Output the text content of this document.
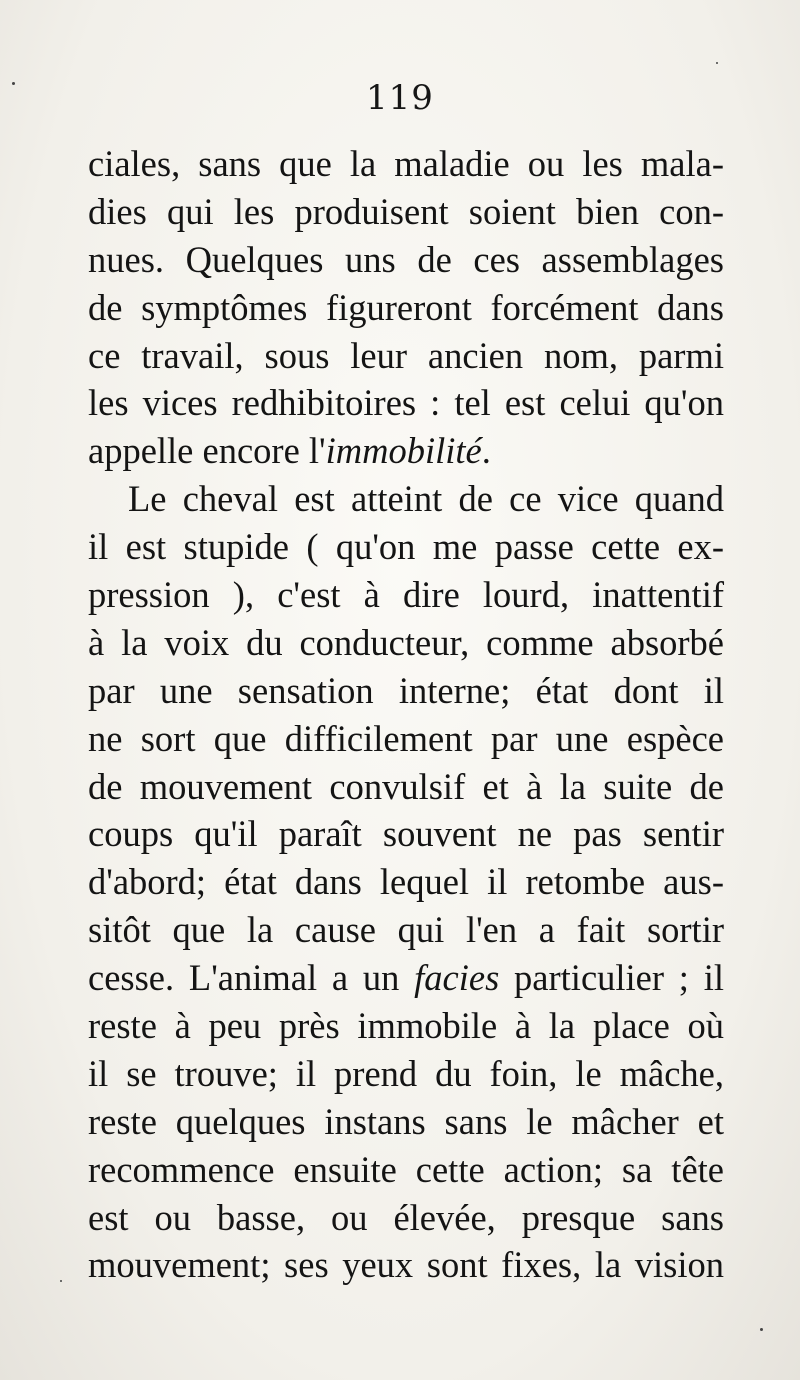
119
ciales, sans que la maladie ou les mala-
dies qui les produisent soient bien con-
nues. Quelques uns de ces assemblages
de symptômes figureront forcément dans
ce travail, sous leur ancien nom, parmi
les vices redhibitoires : tel est celui qu'on
appelle encore l'immobilité.
Le cheval est atteint de ce vice quand
il est stupide ( qu'on me passe cette ex-
pression ), c'est à dire lourd, inattentif
à la voix du conducteur, comme absorbé
par une sensation interne; état dont il
ne sort que difficilement par une espèce
de mouvement convulsif et à la suite de
coups qu'il paraît souvent ne pas sentir
d'abord; état dans lequel il retombe aus-
sitôt que la cause qui l'en a fait sortir
cesse. L'animal a un facies particulier ; il
reste à peu près immobile à la place où
il se trouve; il prend du foin, le mâche,
reste quelques instans sans le mâcher et
recommence ensuite cette action; sa tête
est ou basse, ou élevée, presque sans
mouvement; ses yeux sont fixes, la vision
